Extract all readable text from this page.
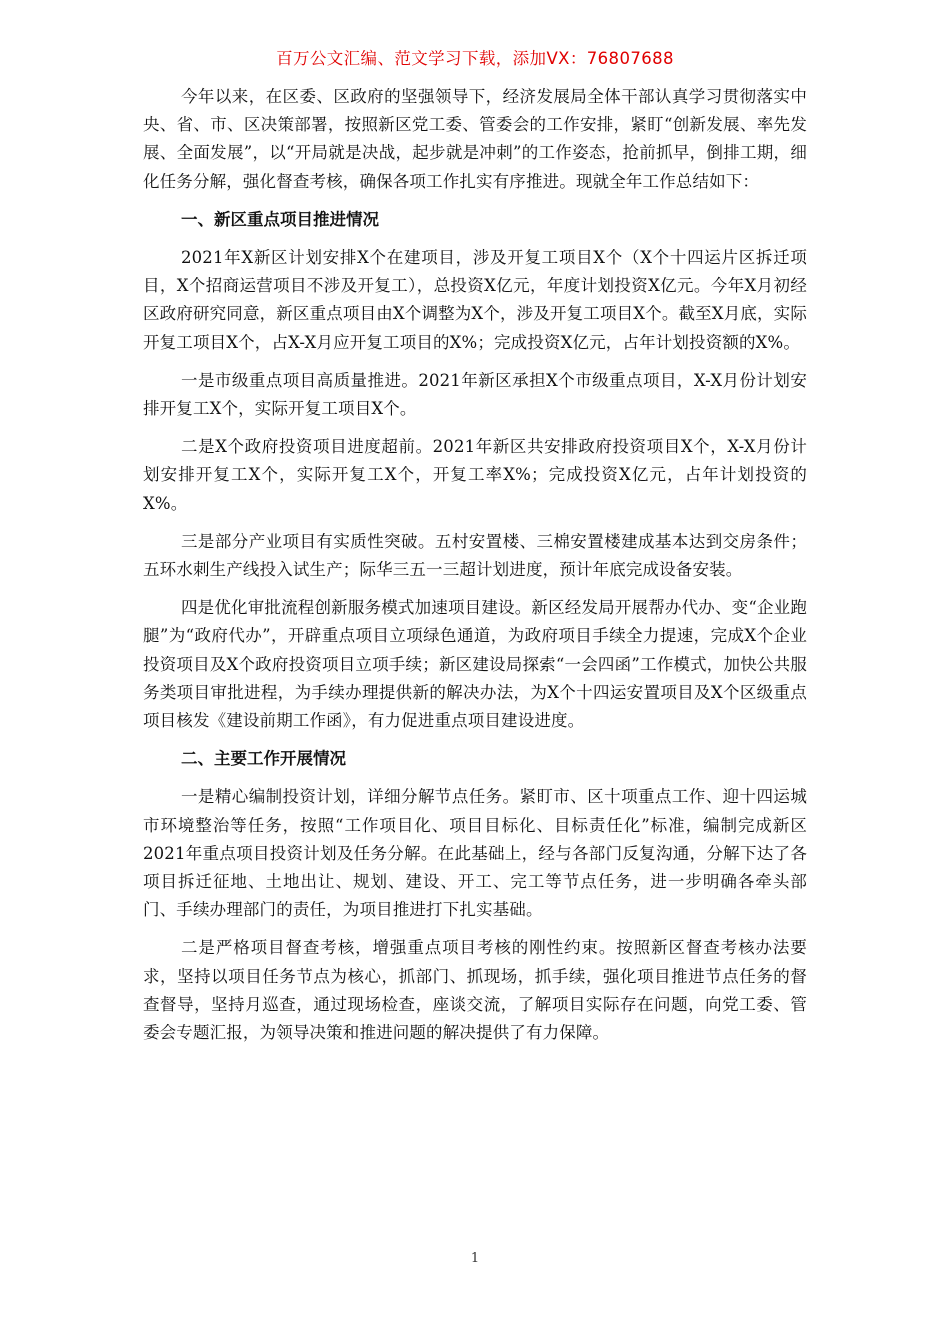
百万公文汇编、范文学习下载，添加VX：76807688

今年以来，在区委、区政府的坚强领导下，经济发展局全体干部认真学习贯彻落实中央、省、市、区决策部署，按照新区党工委、管委会的工作安排，紧盯“创新发展、率先发展、全面发展”，以“开局就是决战，起步就是冲刺”的工作姿态，抢前抓早，倒排工期，细化任务分解，强化督查考核，确保各项工作扎实有序推进。现就全年工作总结如下：

一、新区重点项目推进情况

2021年X新区计划安排X个在建项目，涉及开复工项目X个（X个十四运片区拆迁项目，X个招商运营项目不涉及开复工），总投资X亿元，年度计划投资X亿元。今年X月初经区政府研究同意，新区重点项目由X个调整为X个，涉及开复工项目X个。截至X月底，实际开复工项目X个，占X-X月应开复工项目的X%；完成投资X亿元，占年计划投资额的X%。

一是市级重点项目高质量推进。2021年新区承担X个市级重点项目，X-X月份计划安排开复工X个，实际开复工项目X个。

二是X个政府投资项目进度超前。2021年新区共安排政府投资项目X个，X-X月份计划安排开复工X个，实际开复工X个，开复工率X%；完成投资X亿元，占年计划投资的X%。

三是部分产业项目有实质性突破。五村安置楼、三棉安置楼建成基本达到交房条件；五环水刺生产线投入试生产；际华三五一三超计划进度，预计年底完成设备安装。

四是优化审批流程创新服务模式加速项目建设。新区经发局开展帮办代办、变“企业跑腿”为“政府代办”，开辟重点项目立项绿色通道，为政府项目手续全力提速，完成X个企业投资项目及X个政府投资项目立项手续；新区建设局探索“一会四函”工作模式，加快公共服务类项目审批进程，为手续办理提供新的解决办法，为X个十四运安置项目及X个区级重点项目核发《建设前期工作函》，有力促进重点项目建设进度。

二、主要工作开展情况

一是精心编制投资计划，详细分解节点任务。紧盯市、区十项重点工作、迎十四运城市环境整治等任务，按照“工作项目化、项目目标化、目标责任化”标准，编制完成新区2021年重点项目投资计划及任务分解。在此基础上，经与各部门反复沟通，分解下达了各项目拆迁征地、土地出让、规划、建设、开工、完工等节点任务，进一步明确各牵头部门、手续办理部门的责任，为项目推进打下扎实基础。

二是严格项目督查考核，增强重点项目考核的刚性约束。按照新区督查考核办法要求，坚持以项目任务节点为核心，抓部门、抓现场，抓手续，强化项目推进节点任务的督查督导，坚持月巡查，通过现场检查，座谈交流，了解项目实际存在问题，向党工委、管委会专题汇报，为领导决策和推进问题的解决提供了有力保障。

1
